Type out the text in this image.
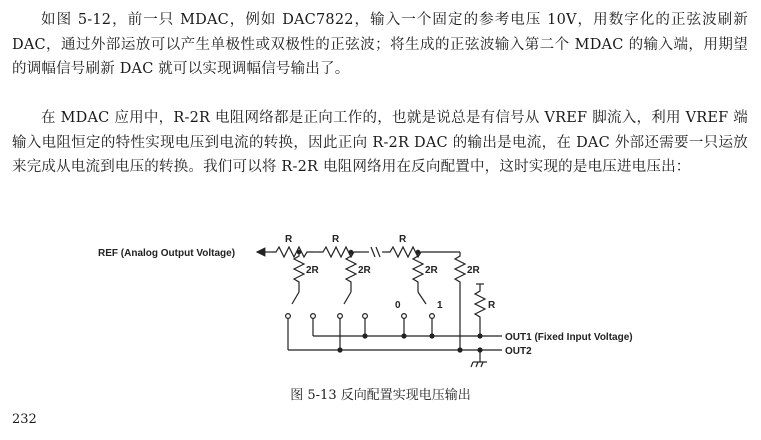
如图 5-12，前一只 MDAC，例如 DAC7822，输入一个固定的参考电压 10V，用数字化的正弦波刷新 DAC，通过外部运放可以产生单极性或双极性的正弦波；将生成的正弦波输入第二个 MDAC 的输入端，用期望的调幅信号刷新 DAC 就可以实现调幅信号输出了。

在 MDAC 应用中，R-2R 电阻网络都是正向工作的，也就是说总是有信号从 VREF 脚流入，利用 VREF 端输入电阻恒定的特性实现电压到电流的转换，因此正向 R-2R DAC 的输出是电流，在 DAC 外部还需要一只运放来完成从电流到电压的转换。我们可以将 R-2R 电阻网络用在反向配置中，这时实现的是电压进电压出：

REF (Analog Output Voltage)
R	R	R
2R	2R	2R	2R
0	1	R
OUT1 (Fixed Input Voltage)
OUT2
图 5-13 反向配置实现电压输出
232
